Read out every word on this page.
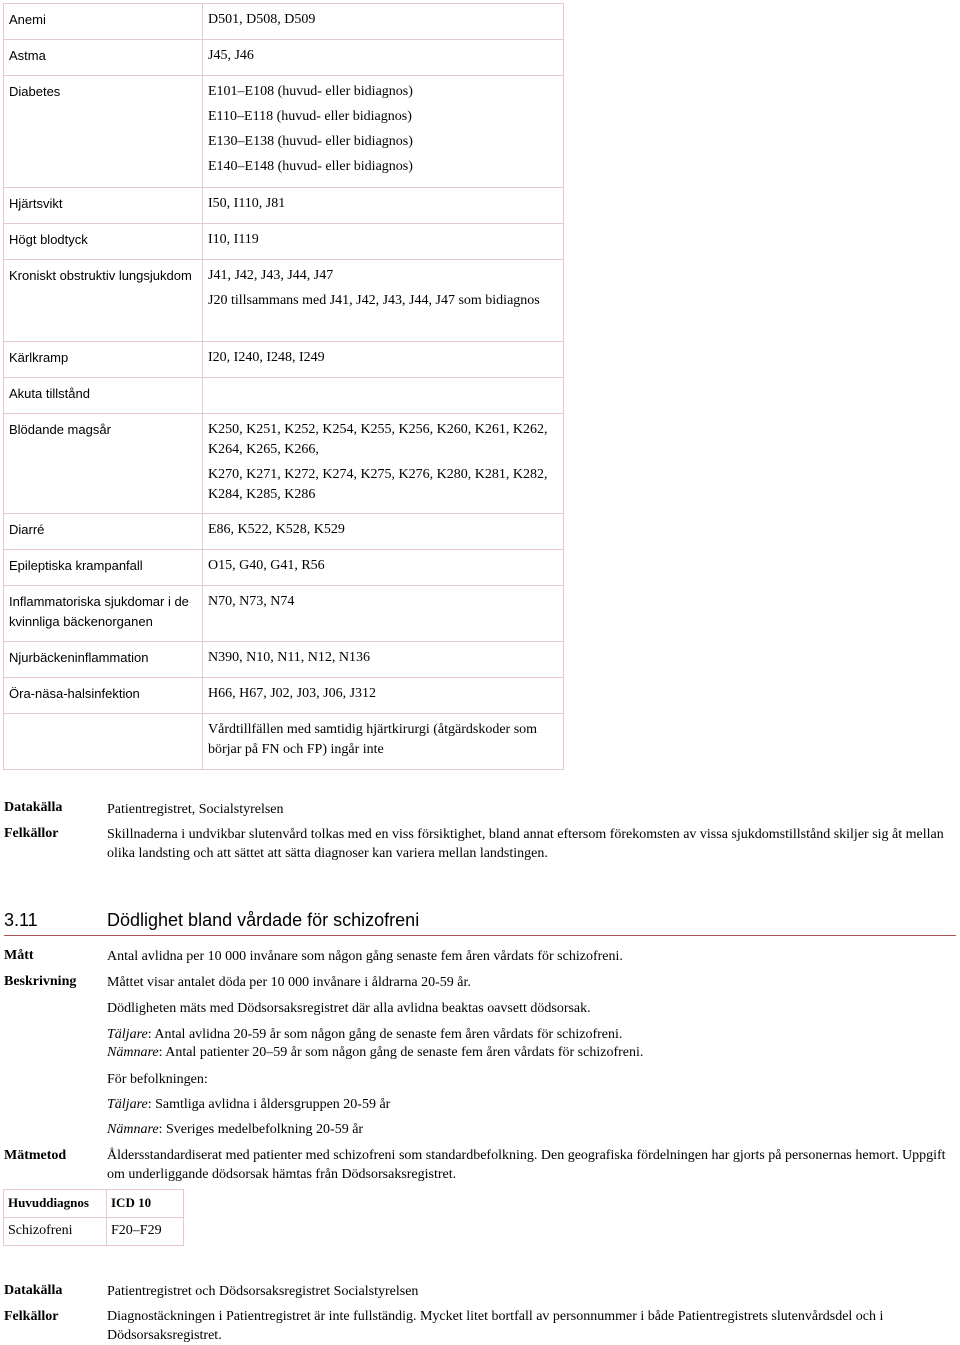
Anemi	D501, D508, D509

Astma	J45, J46

Diabetes	E101–E108 (huvud- eller bidiagnos)
E110–E118 (huvud- eller bidiagnos)
E130–E138 (huvud- eller bidiagnos)
E140–E148 (huvud- eller bidiagnos)

Hjärtsvikt	I50, I110, J81

Högt blodtyck	I10, I119

Kroniskt obstruktiv lungsjukdom	J41, J42, J43, J44, J47
J20 tillsammans med J41, J42, J43, J44, J47 som bidiagnos

Kärlkramp	I20, I240, I248, I249

Akuta tillstånd	
Blödande magsår	K250, K251, K252, K254, K255, K256, K260, K261, K262, K264, K265, K266,
K270, K271, K272, K274, K275, K276, K280, K281, K282, K284, K285, K286

Diarré	E86, K522, K528, K529

Epileptiska krampanfall	O15, G40, G41, R56

Inflammatoriska sjukdomar i de kvinnliga bäckenorganen	N70, N73, N74

Njurbäckeninflammation	N390, N10, N11, N12, N136

Öra-näsa-halsinfektion	H66, H67, J02, J03, J06, J312

	Vårdtillfällen med samtidig hjärtkirurgi (åtgärdskoder som börjar på FN och FP) ingår inte
Datakälla	Patientregistret, Socialstyrelsen
Felkällor	Skillnaderna i undvikbar slutenvård tolkas med en viss försiktighet, bland annat eftersom förekomsten av vissa sjukdomstillstånd skiljer sig åt mellan olika landsting och att sättet att sätta diagnoser kan variera mellan landstingen.
3.11	Dödlighet bland vårdade för schizofreni
Mått	Antal avlidna per 10 000 invånare som någon gång senaste fem åren vårdats för schizofreni.
Beskrivning Måttet visar antalet döda per 10 000 invånare i åldrarna 20-59 år.
Dödligheten mäts med Dödsorsaksregistret där alla avlidna beaktas oavsett dödsorsak.
Täljare: Antal avlidna 20-59 år som någon gång de senaste fem åren vårdats för schizofreni.
Nämnare: Antal patienter 20–59 år som någon gång de senaste fem åren vårdats för schizofreni.
För befolkningen:
Täljare: Samtliga avlidna i åldersgruppen 20-59 år
Nämnare: Sveriges medelbefolkning 20-59 år
Mätmetod	Åldersstandardiserat med patienter med schizofreni som standardbefolkning. Den geografiska fördelningen har gjorts på personernas hemort. Uppgift om underliggande dödsorsak hämtas från Dödsorsaksregistret.
Huvuddiagnos	ICD 10
Schizofreni	F20–F29
Datakälla	Patientregistret och Dödsorsaksregistret Socialstyrelsen
Felkällor	Diagnostäckningen i Patientregistret är inte fullständig. Mycket litet bortfall av personnummer i både Patientregistrets slutenvårdsdel och i Dödsorsaksregistret.
